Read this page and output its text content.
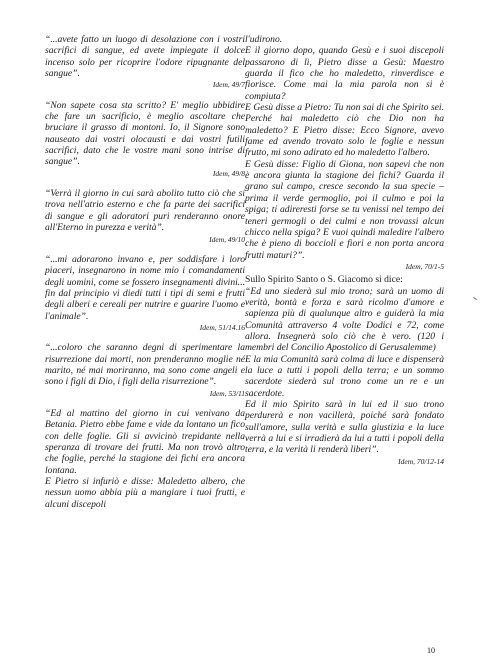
“...avete fatto un luogo di desolazione con i vostri sacrifici di sangue, ed avete impiegate il dolce incenso solo per ricoprire l'odore ripugnante del sangue”.

Idem, 49/7

“Non sapete cosa sta scritto? E' meglio ubbidire che fare un sacrificio, è meglio ascoltare che bruciare il grasso di montoni. Io, il Signore sono nauseato dai vostri olocausti e dai vostri futili sacrifici, dato che le vostre mani sono intrise di sangue”.

Idem, 49/8

“Verrà il giorno in cui sarà abolito tutto ciò che si trova nell'atrio esterno e che fa parte dei sacrifici di sangue e gli adoratori puri renderanno onore all'Eterno in purezza e verità”.

Idem, 49/10

“...mi adorarono invano e, per soddisfare i loro piaceri, insegnarono in nome mio i comandamenti degli uomini, come se fossero insegnamenti divini... fin dal principio vi diedi tutti i tipi di semi e frutti degli alberi e cereali per nutrire e guarire l'uomo e l'animale”.

Idem, 51/14.16

“...coloro che saranno degni di sperimentare la risurrezione dai morti, non prenderanno moglie né marito, né mai moriranno, ma sono come angeli e sono i figli di Dio, i figli della risurrezione”.

Idem, 53/11

“Ed al mattino del giorno in cui venivano da Betania. Pietro ebbe fame e vide da lontano un fico con delle foglie. Gli si avvicinò trepidante nella speranza di trovare dei frutti. Ma non trovò altro che foglie, perché la stagione dei fichi era ancora lontana.

E Pietro si infuriò e disse: Maledetto albero, che nessun uomo abbia più a mangiare i tuoi frutti, e alcuni discepoli

l'udirono.

E il giorno dopo, quando Gesù e i suoi discepoli passarono di lì, Pietro disse a Gesù: Maestro guarda il fico che ho maledetto, rinverdisce e fiorisce. Come mai la mia parola non si è compiuta?

E Gesù disse a Pietro: Tu non sai di che Spirito sei. Perché hai maledetto ciò che Dio non ha maledetto? E Pietro disse: Ecco Signore, avevo fame ed avendo trovato solo le foglie e nessun frutto, mi sono adirato ed ho maledetto l'albero.

E Gesù disse: Figlio di Giona, non sapevi che non è ancora giunta la stagione dei fichi? Guarda il grano sul campo, cresce secondo la sua specie – prima il verde germoglio, poi il culmo e poi la spiga; ti adireresti forse se tu venissi nel tempo dei teneri germogli o dei culmi e non trovassi alcun chicco nella spiga? E vuoi quindi maledire l'albero che è pieno di boccioli e fiori e non porta ancora frutti maturi?”.

Idem, 70/1-5

Sullo Spirito Santo o S. Giacomo si dice:

“Ed uno siederà sul mio trono; sarà un uomo di verità, bontà e forza e sarà ricolmo d'amore e sapienza più di qualunque altro e guiderà la mia Comunità attraverso 4 volte Dodici e 72, come allora. Insegnerà solo ciò che è vero. (120 i membri del Concilio Apostolico di Gerusalemme)

E la mia Comunità sarà colma di luce e dispenserà la luce a tutti i popoli della terra; e un sommo sacerdote siederà sul trono come un re e un sacerdote.

Ed il mio Spirito sarà in lui ed il suo trono perdurerà e non vacillerà, poiché sarà fondato sull'amore, sulla verità e sulla giustizia e la luce verrà a lui e si irradierà da lui a tutti i popoli della terra, e la verità li renderà liberi”.

Idem, 70/12-14

10
